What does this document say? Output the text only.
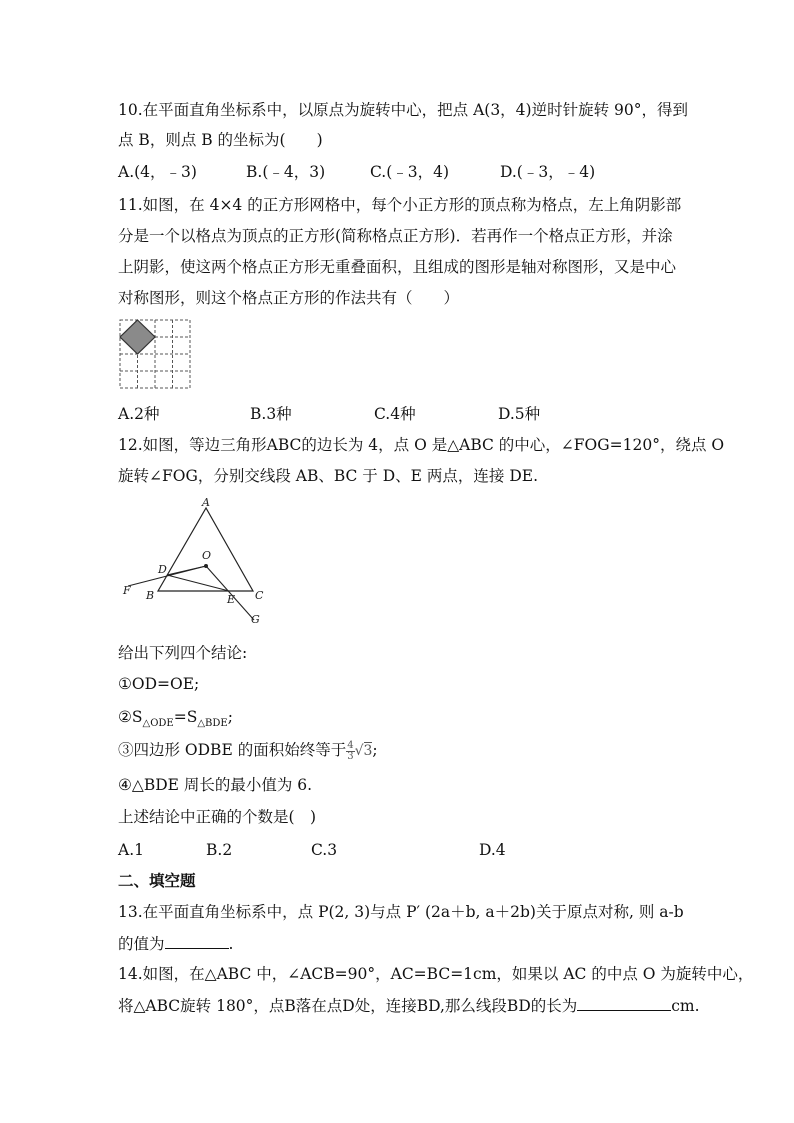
10.在平面直角坐标系中，以原点为旋转中心，把点 A(3，4)逆时针旋转 90°，得到
点 B，则点 B 的坐标为(　　)
A.(4，﹣3)	B.(﹣4，3)	C.(﹣3，4)	D.(﹣3，﹣4)
11.如图，在 4×4 的正方形网格中，每个小正方形的顶点称为格点，左上角阴影部
分是一个以格点为顶点的正方形(简称格点正方形)．若再作一个格点正方形，并涂
上阴影，使这两个格点正方形无重叠面积，且组成的图形是轴对称图形，又是中心
对称图形，则这个格点正方形的作法共有（　　）
A.2种	B.3种	C.4种	D.5种
12.如图，等边三角形ABC的边长为 4，点 O 是△ABC 的中心，∠FOG=120°，绕点 O
旋转∠FOG，分别交线段 AB、BC 于 D、E 两点，连接 DE.
A
O
D
F B	E C
G
给出下列四个结论:
①OD=OE;
$②S_{\triangle ODE}=S_{\triangle BDE}$;
③四边形 ODBE 的面积始终等于 $\frac{4}{3} √3$;
④△BDE 周长的最小值为 6.
上述结论中正确的个数是(　)
A.1	B.2	C.3	D.4
二、填空题
13.在平面直角坐标系中，点 P(2, 3)与点 P′ (2a＋b, a＋2b)关于原点对称, 则 a-b
的值为	.
14.如图，在△ABC 中，∠ACB=90°，AC=BC=1cm，如果以 AC 的中点 O 为旋转中心，
将△ABC旋转 180°，点B落在点D处，连接BD,那么线段BD的长为	cm.
